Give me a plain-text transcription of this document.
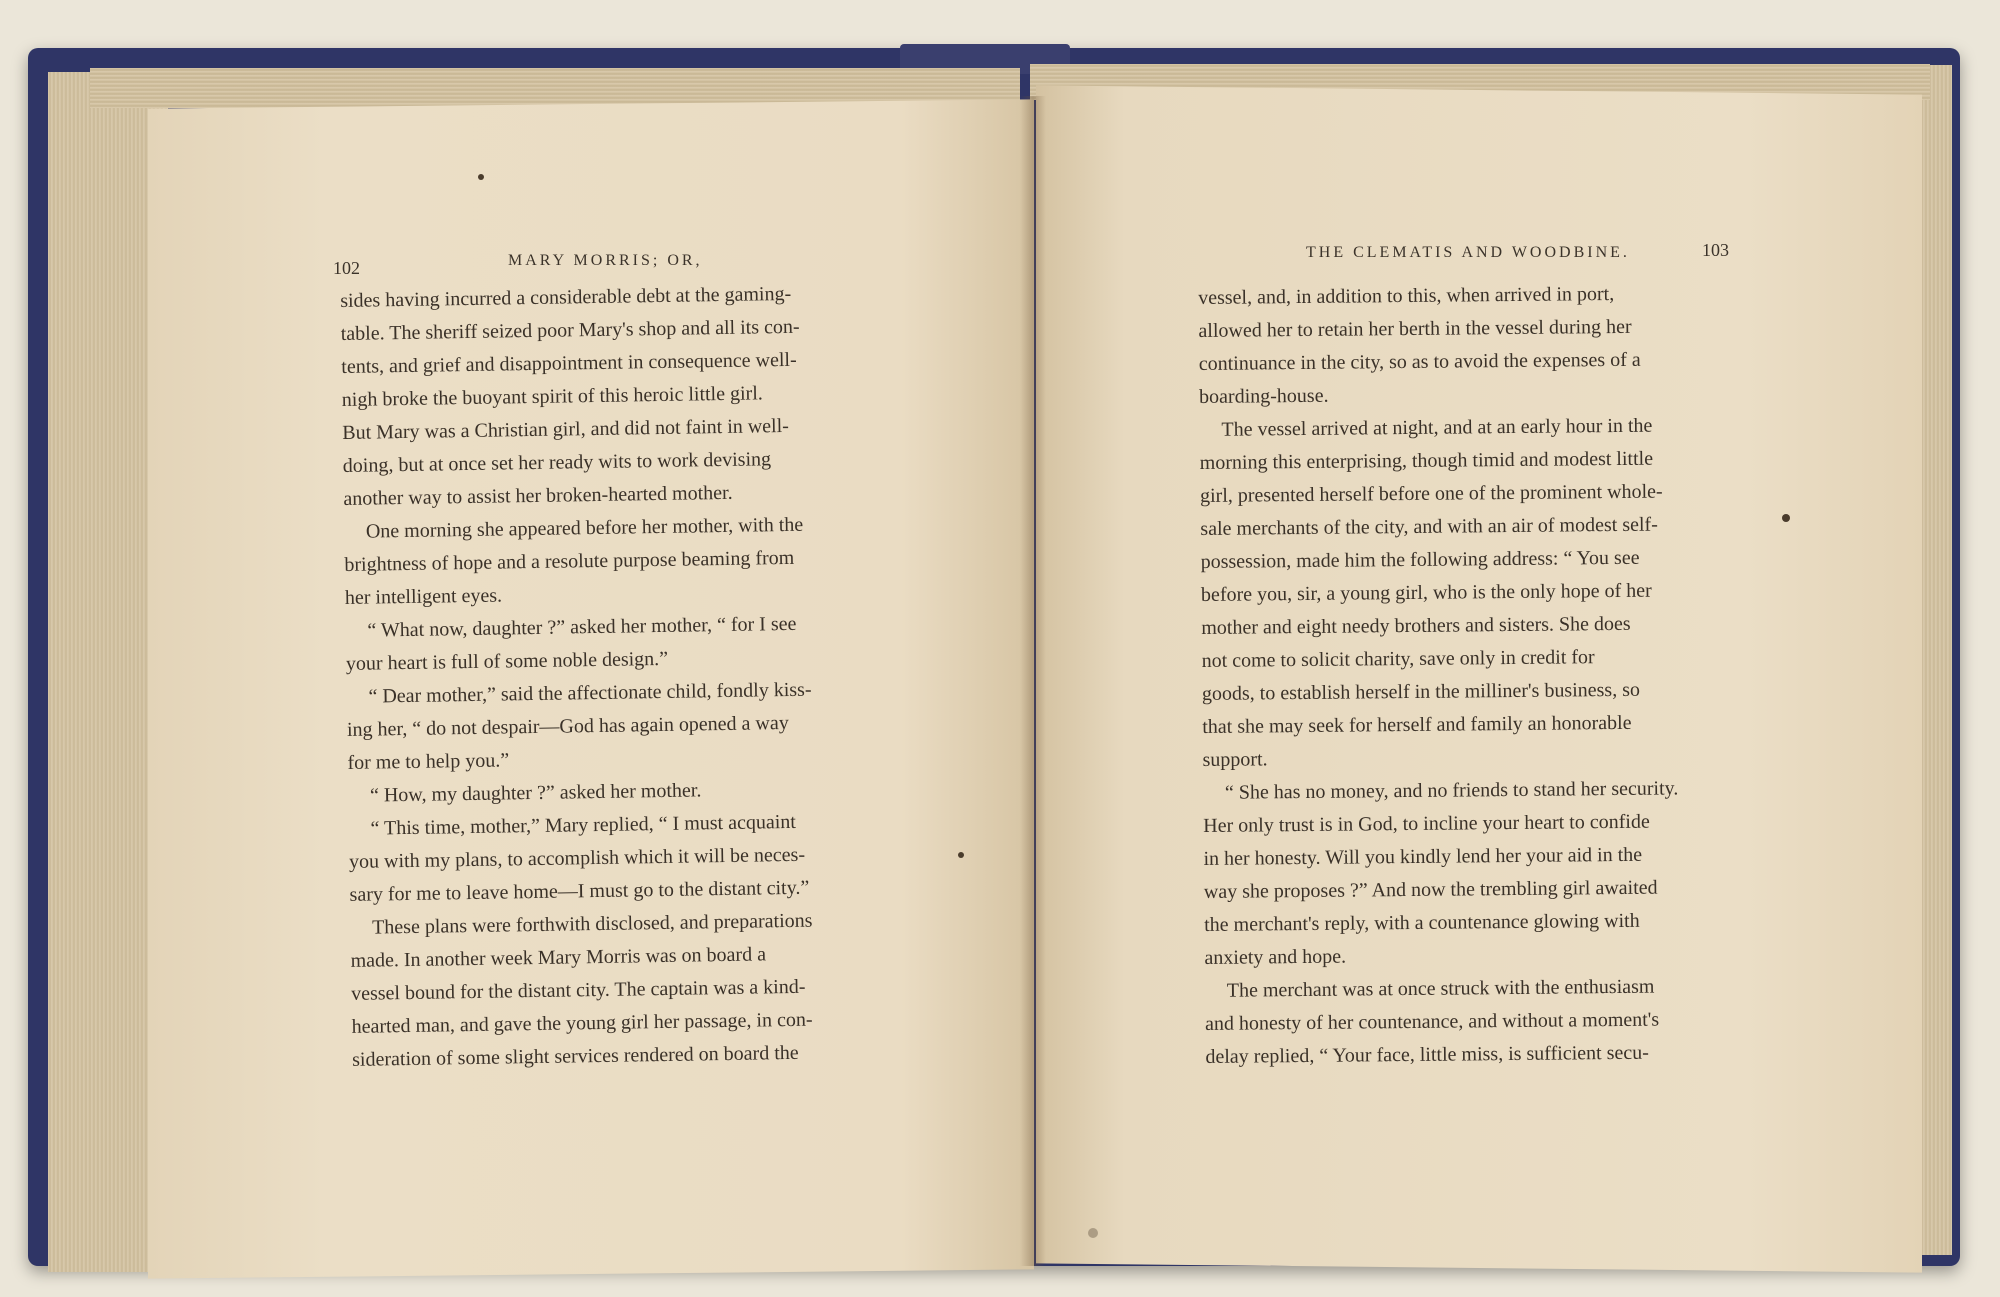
102	MARY MORRIS; OR,	THE CLEMATIS AND WOODBINE.	103

sides having incurred a considerable debt at the gaming-

table. The sheriff seized poor Mary's shop and all its con-

tents, and grief and disappointment in consequence well-

nigh broke the buoyant spirit of this heroic little girl.

But Mary was a Christian girl, and did not faint in well-

doing, but at once set her ready wits to work devising

another way to assist her broken-hearted mother.

One morning she appeared before her mother, with the

brightness of hope and a resolute purpose beaming from

her intelligent eyes.

“ What now, daughter ?” asked her mother, “ for I see

your heart is full of some noble design.”

“ Dear mother,” said the affectionate child, fondly kiss-

ing her, “ do not despair—God has again opened a way

for me to help you.”

“ How, my daughter ?” asked her mother.

“ This time, mother,” Mary replied, “ I must acquaint

you with my plans, to accomplish which it will be neces-

sary for me to leave home—I must go to the distant city.”

These plans were forthwith disclosed, and preparations

made. In another week Mary Morris was on board a

vessel bound for the distant city. The captain was a kind-

hearted man, and gave the young girl her passage, in con-

sideration of some slight services rendered on board the

vessel, and, in addition to this, when arrived in port,

allowed her to retain her berth in the vessel during her

continuance in the city, so as to avoid the expenses of a

boarding-house.

The vessel arrived at night, and at an early hour in the

morning this enterprising, though timid and modest little

girl, presented herself before one of the prominent whole-

sale merchants of the city, and with an air of modest self-

possession, made him the following address: “ You see

before you, sir, a young girl, who is the only hope of her

mother and eight needy brothers and sisters. She does

not come to solicit charity, save only in credit for

goods, to establish herself in the milliner's business, so

that she may seek for herself and family an honorable

support.

“ She has no money, and no friends to stand her security.

Her only trust is in God, to incline your heart to confide

in her honesty. Will you kindly lend her your aid in the

way she proposes ?” And now the trembling girl awaited

the merchant's reply, with a countenance glowing with

anxiety and hope.

The merchant was at once struck with the enthusiasm

and honesty of her countenance, and without a moment's

delay replied, “ Your face, little miss, is sufficient secu-
